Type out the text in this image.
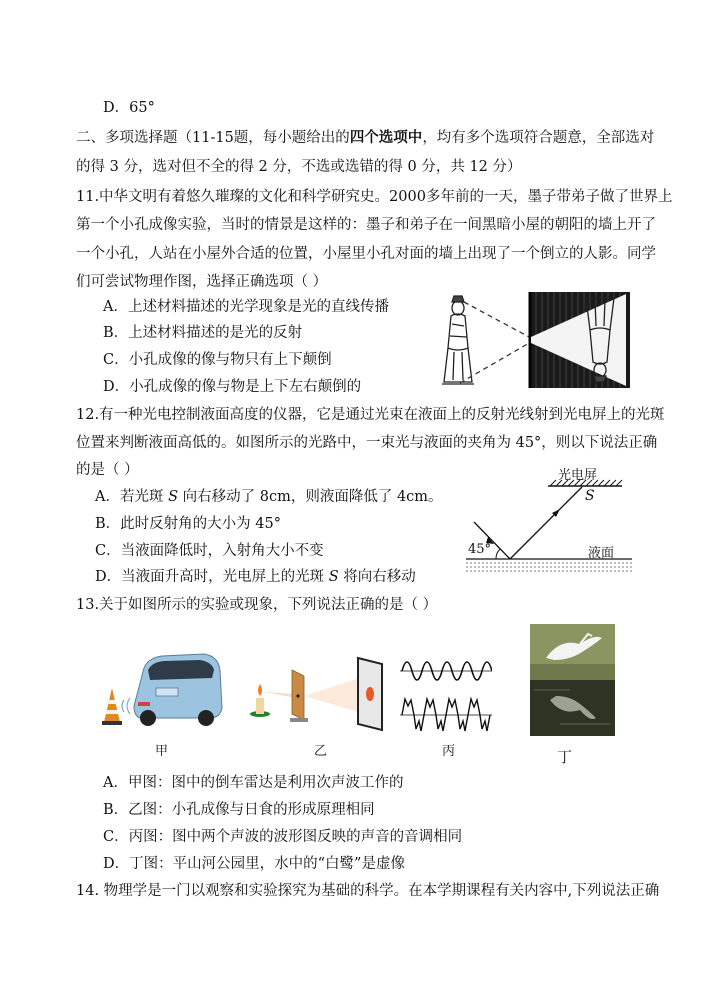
D．65°
二、多项选择题（11-15题，每小题给出的四个选项中，均有多个选项符合题意，全部选对
的得 3 分，选对但不全的得 2 分，不选或选错的得 0 分，共 12 分）
11.中华文明有着悠久璀璨的文化和科学研究史。2000多年前的一天，墨子带弟子做了世界上
第一个小孔成像实验，当时的情景是这样的：墨子和弟子在一间黑暗小屋的朝阳的墙上开了
一个小孔，人站在小屋外合适的位置，小屋里小孔对面的墙上出现了一个倒立的人影。同学
们可尝试物理作图，选择正确选项（ ）
A．上述材料描述的光学现象是光的直线传播
B．上述材料描述的是光的反射
C．小孔成像的像与物只有上下颠倒
D．小孔成像的像与物是上下左右颠倒的
12.有一种光电控制液面高度的仪器，它是通过光束在液面上的反射光线射到光电屏上的光斑
位置来判断液面高低的。如图所示的光路中，一束光与液面的夹角为 45°，则以下说法正确
的是（ ）
A．若光斑 S 向右移动了 8cm，则液面降低了 4cm。
B．此时反射角的大小为 45°
C．当液面降低时，入射角大小不变
D．当液面升高时，光电屏上的光斑 S 将向右移动
光电屏
S
45°	液面
13.关于如图所示的实验或现象，下列说法正确的是（ ）
甲	乙	丙	丁
A．甲图：图中的倒车雷达是利用次声波工作的
B．乙图：小孔成像与日食的形成原理相同
C．丙图：图中两个声波的波形图反映的声音的音调相同
D．丁图：平山河公园里，水中的“白鹭”是虚像
14. 物理学是一门以观察和实验探究为基础的科学。在本学期课程有关内容中,下列说法正确
